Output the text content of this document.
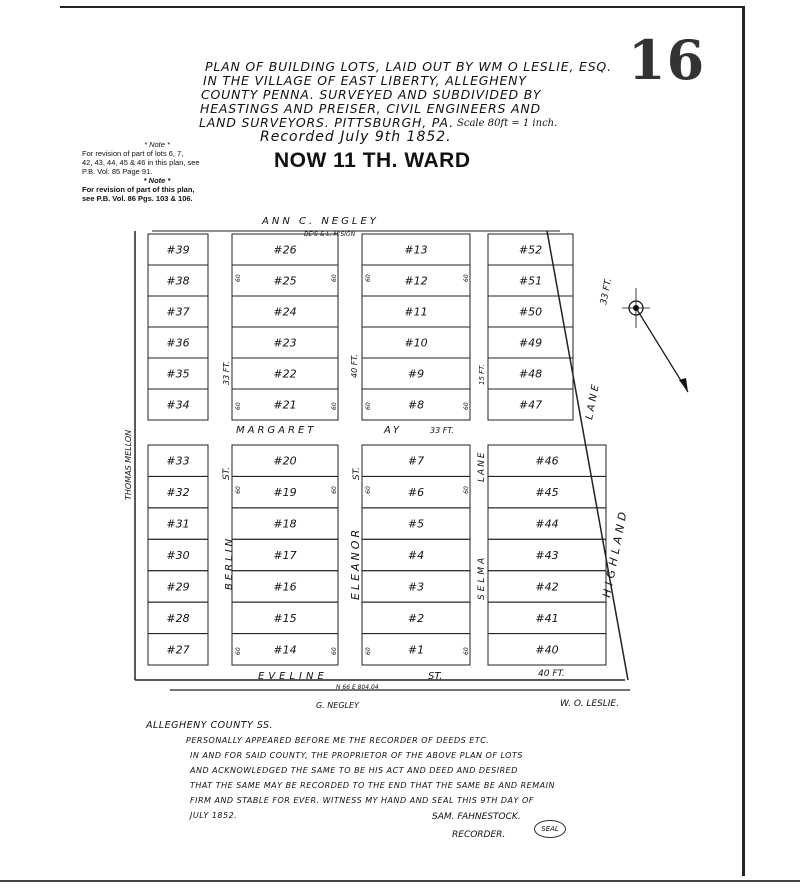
16
PLAN OF BUILDING LOTS, LAID OUT BY WM O LESLIE, ESQ.
IN THE VILLAGE OF EAST LIBERTY, ALLEGHENY
COUNTY PENNA. SURVEYED AND SUBDIVIDED BY
HEASTINGS AND PREISER, CIVIL ENGINEERS AND
LAND SURVEYORS. PITTSBURGH, PA. Scale 80ft = 1 inch.
Recorded July 9th 1852.
NOW 11 TH. WARD
* Note *
For revision of part of lots 6, 7,
42, 43, 44, 45 & 46 in this plan, see
P.B. Vol. 85 Page 91.
* Note *
For revision of part of this plan,
see P.B. Vol. 86 Pgs. 103 & 106.
#39
#38
#37
#36
#35
#34
#26
#25
#24
#23
#22
#21
60	60
60	60
#13
#12
#11
#10
#9
#8
60	60
60	60
#52
#51
#50
#49
#48
#47
#33
#32
#31
#30
#29
#28
#27
#20
#19
#18
#17
#16
#15
#14
60	60
60	60
#7
#6
#5
#4
#3
#2
#1
60	60
60	60
#46
#45
#44
#43
#42
#41
#40
ANN C. NEGLEY
DE'S & L. M'SIGN
EVELINE	ST.	40 FT.
N 66 E 804.04
G. NEGLEY
MARGARET	AY	33 FT.
BERLIN
ST.
33 FT.
ELEANOR
ST.
40 FT.
SELMA
LANE
15 FT.
HIGHLAND
LANE
33 FT.
THOMAS MELLON
W. O. LESLIE.
ALLEGHENY COUNTY SS.
PERSONALLY APPEARED BEFORE ME THE RECORDER OF DEEDS ETC.
IN AND FOR SAID COUNTY, THE PROPRIETOR OF THE ABOVE PLAN OF LOTS
AND ACKNOWLEDGED THE SAME TO BE HIS ACT AND DEED AND DESIRED
THAT THE SAME MAY BE RECORDED TO THE END THAT THE SAME BE AND REMAIN
FIRM AND STABLE FOR EVER. WITNESS MY HAND AND SEAL THIS 9TH DAY OF
JULY 1852.	SAM. FAHNESTOCK.
RECORDER.
SEAL
